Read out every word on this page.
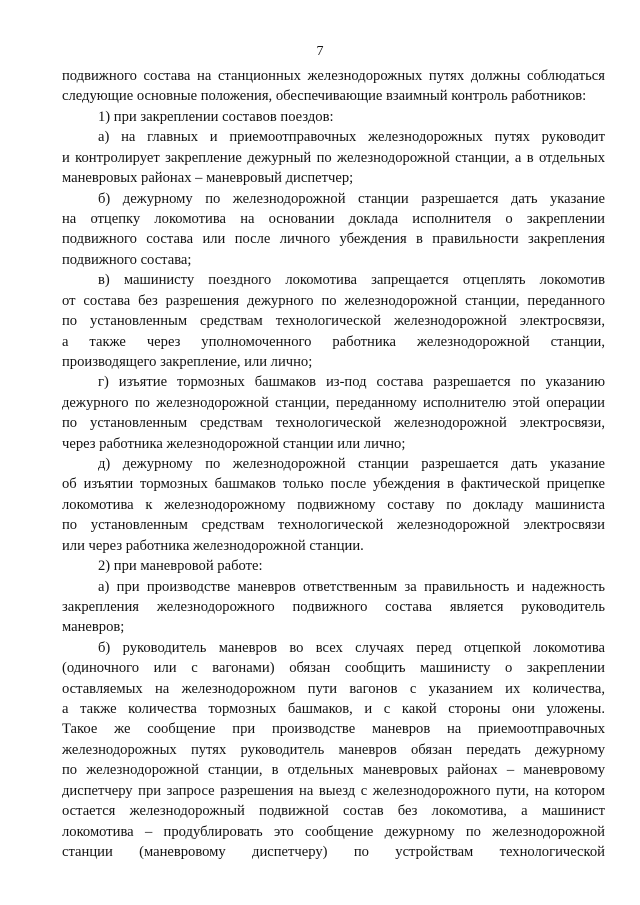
7
подвижного состава на станционных железнодорожных путях должны соблюдаться
следующие основные положения, обеспечивающие взаимный контроль работников:
1) при закреплении составов поездов:
а) на главных и приемоотправочных железнодорожных путях руководит
и контролирует закрепление дежурный по железнодорожной станции, а в отдельных
маневровых районах – маневровый диспетчер;
б) дежурному по железнодорожной станции разрешается дать указание
на отцепку локомотива на основании доклада исполнителя о закреплении
подвижного состава или после личного убеждения в правильности закрепления
подвижного состава;
в) машинисту поездного локомотива запрещается отцеплять локомотив
от состава без разрешения дежурного по железнодорожной станции, переданного
по установленным средствам технологической железнодорожной электросвязи,
а также через уполномоченного работника железнодорожной станции,
производящего закрепление, или лично;
г) изъятие тормозных башмаков из-под состава разрешается по указанию
дежурного по железнодорожной станции, переданному исполнителю этой операции
по установленным средствам технологической железнодорожной электросвязи,
через работника железнодорожной станции или лично;
д) дежурному по железнодорожной станции разрешается дать указание
об изъятии тормозных башмаков только после убеждения в фактической прицепке
локомотива к железнодорожному подвижному составу по докладу машиниста
по установленным средствам технологической железнодорожной электросвязи
или через работника железнодорожной станции.
2) при маневровой работе:
а) при производстве маневров ответственным за правильность и надежность
закрепления железнодорожного подвижного состава является руководитель
маневров;
б) руководитель маневров во всех случаях перед отцепкой локомотива
(одиночного или с вагонами) обязан сообщить машинисту о закреплении
оставляемых на железнодорожном пути вагонов с указанием их количества,
а также количества тормозных башмаков, и с какой стороны они уложены.
Такое же сообщение при производстве маневров на приемоотправочных
железнодорожных путях руководитель маневров обязан передать дежурному
по железнодорожной станции, в отдельных маневровых районах – маневровому
диспетчеру при запросе разрешения на выезд с железнодорожного пути, на котором
остается железнодорожный подвижной состав без локомотива, а машинист
локомотива – продублировать это сообщение дежурному по железнодорожной
станции (маневровому диспетчеру) по устройствам технологической
